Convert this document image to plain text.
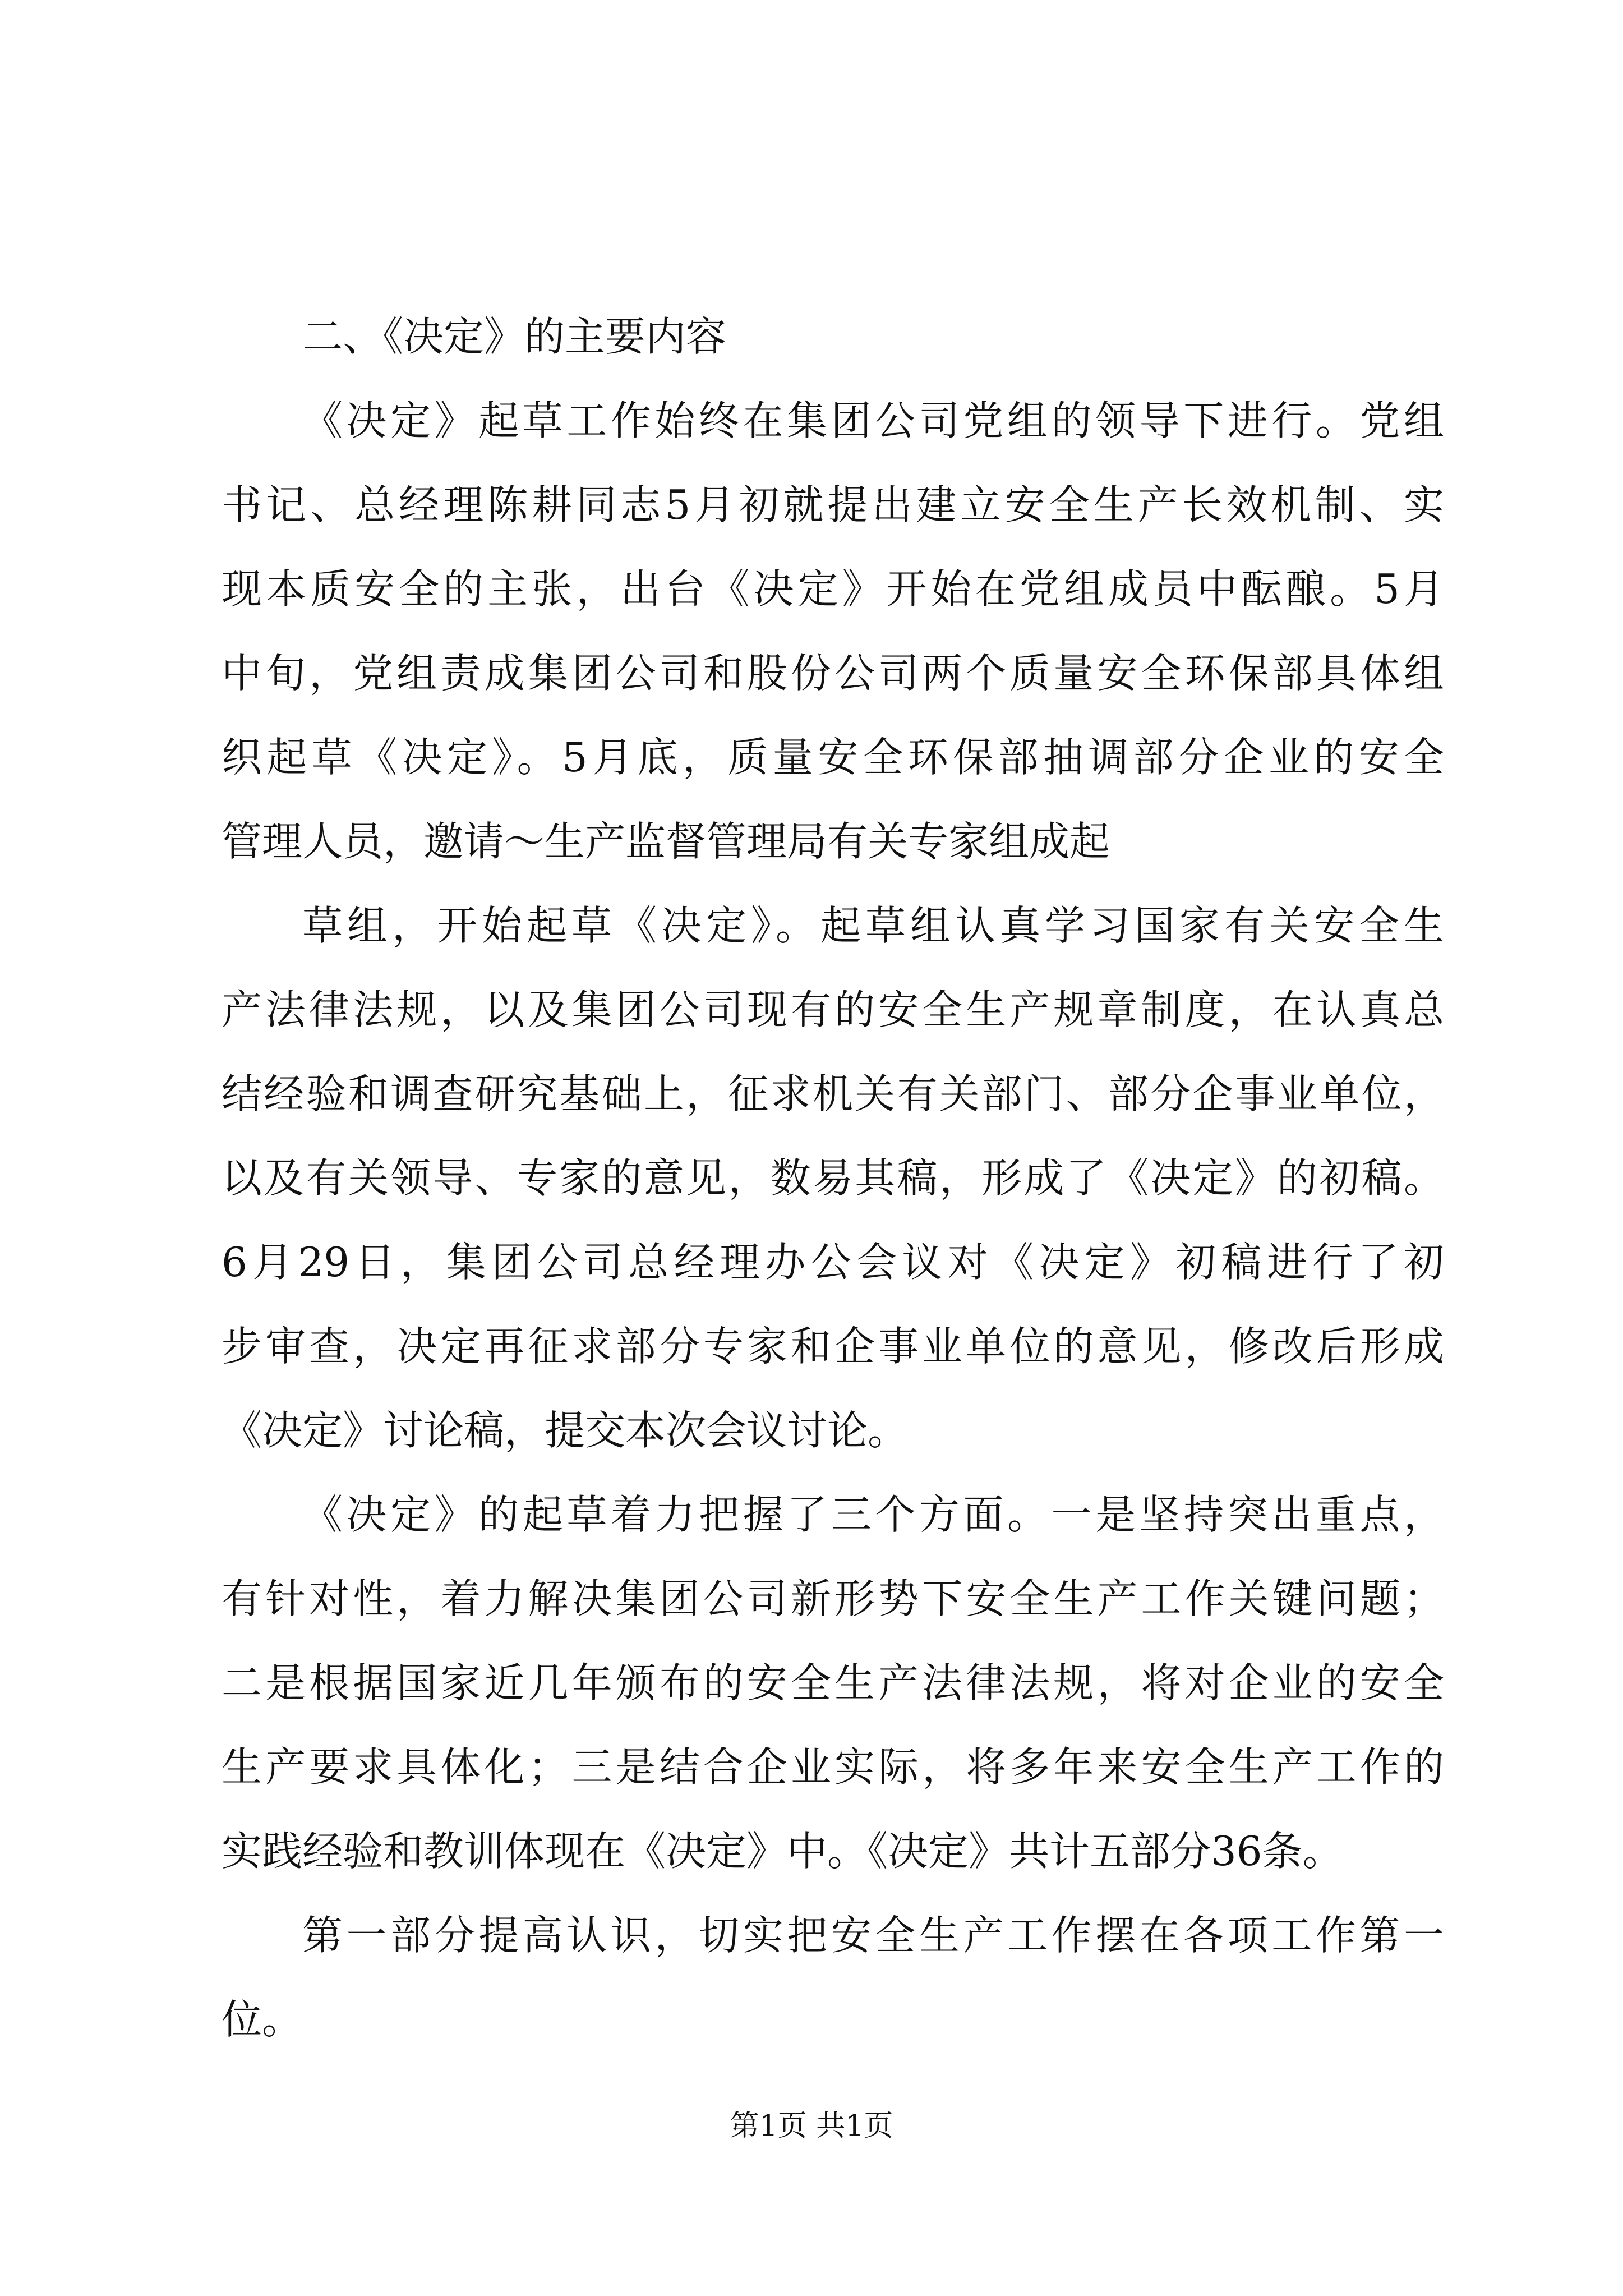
二、《决定》的主要内容
《决定》起草工作始终在集团公司党组的领导下进行。党组
书记、总经理陈耕同志5月初就提出建立安全生产长效机制、实
现本质安全的主张，出台《决定》开始在党组成员中酝酿。5月
中旬，党组责成集团公司和股份公司两个质量安全环保部具体组
织起草《决定》。5月底，质量安全环保部抽调部分企业的安全
管理人员，邀请～生产监督管理局有关专家组成起
草组，开始起草《决定》。起草组认真学习国家有关安全生
产法律法规，以及集团公司现有的安全生产规章制度，在认真总
结经验和调查研究基础上，征求机关有关部门、部分企事业单位，
以及有关领导、专家的意见，数易其稿，形成了《决定》的初稿。
6月29日，集团公司总经理办公会议对《决定》初稿进行了初
步审查，决定再征求部分专家和企事业单位的意见，修改后形成
《决定》讨论稿，提交本次会议讨论。
《决定》的起草着力把握了三个方面。一是坚持突出重点，
有针对性，着力解决集团公司新形势下安全生产工作关键问题；
二是根据国家近几年颁布的安全生产法律法规，将对企业的安全
生产要求具体化；三是结合企业实际，将多年来安全生产工作的
实践经验和教训体现在《决定》中。《决定》共计五部分36条。
第一部分提高认识，切实把安全生产工作摆在各项工作第一
位。
第1页 共1页
